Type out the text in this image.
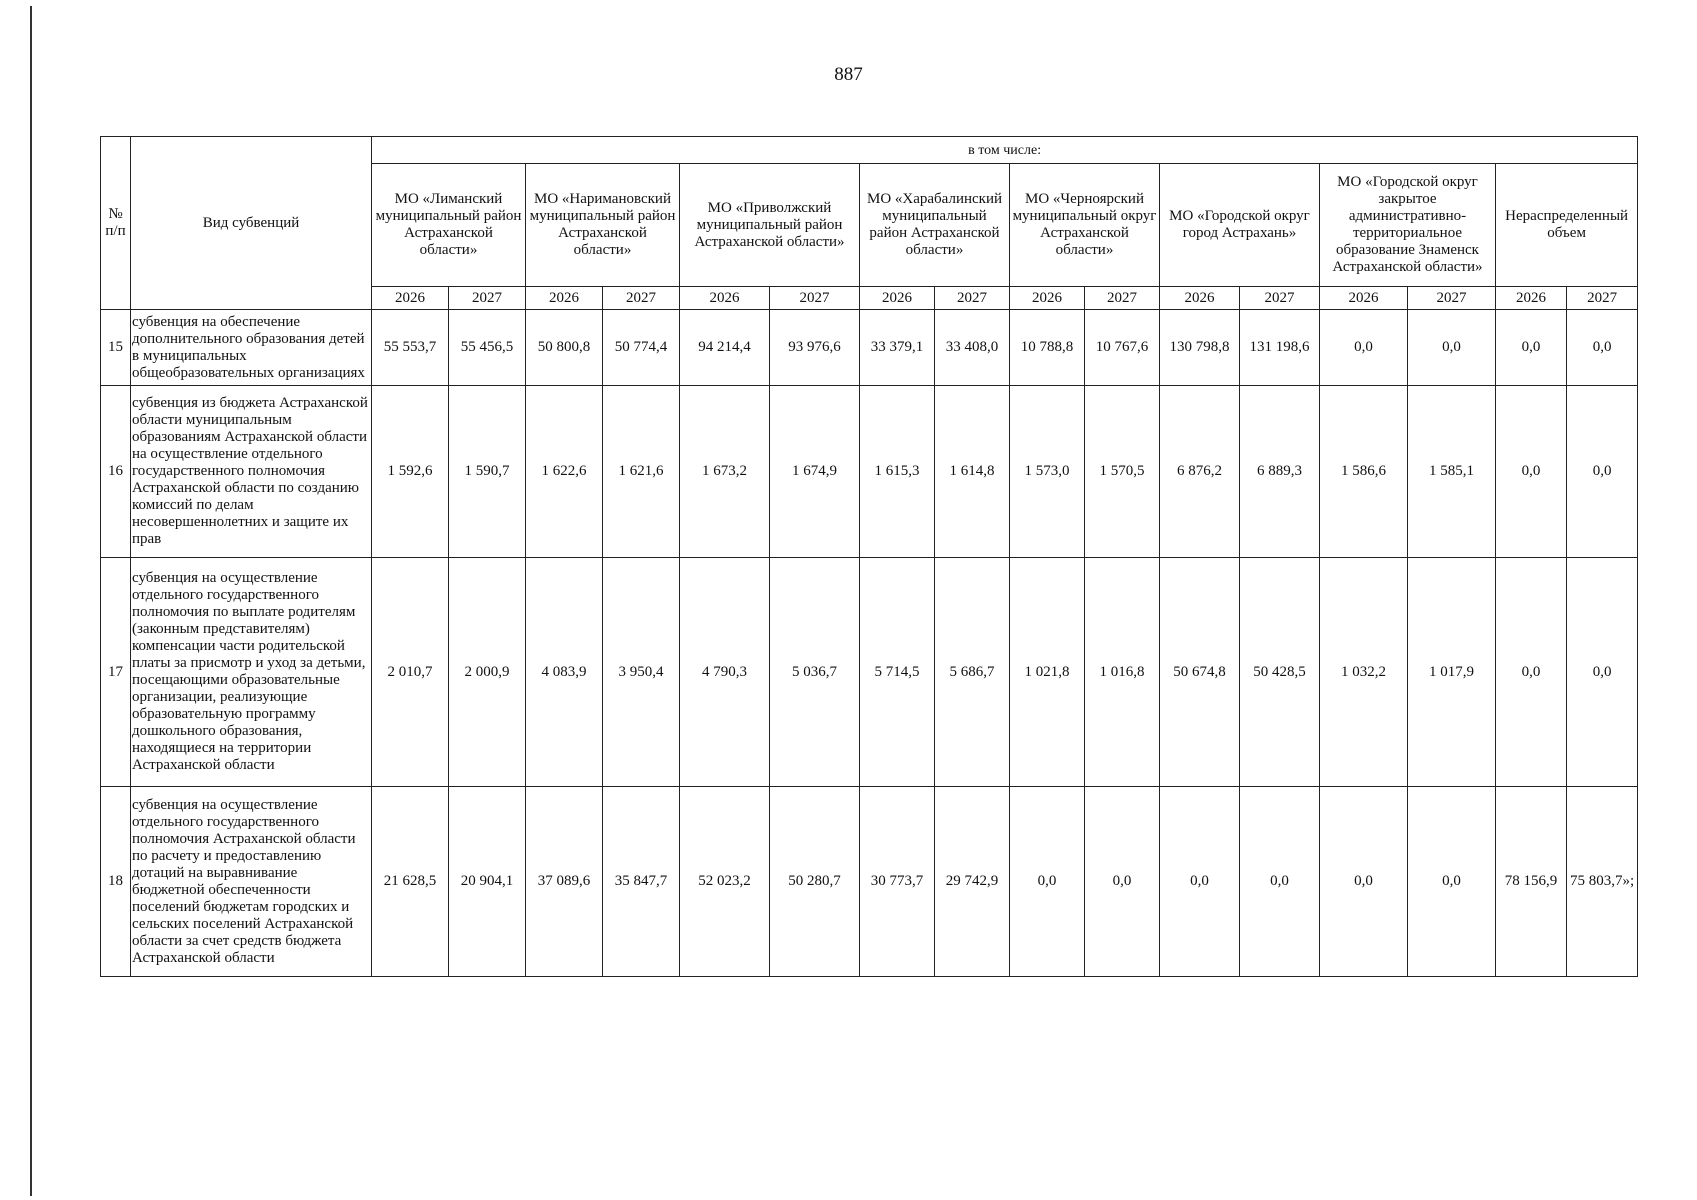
887
№ п/п	Вид субвенций	в том числе:															
		МО «Лиманский муниципальный район Астраханской области»		МО «Наримановский муниципальный район Астраханской области»		МО «Приволжский муниципальный район Астраханской области»		МО «Харабалинский муниципальный район Астраханской области»		МО «Черноярский муниципальный округ Астраханской области»		МО «Городской округ город Астрахань»		МО «Городской округ закрытое административно-территориальное образование Знаменск Астраханской области»		Нераспределенный объем	
		2026	2027	2026	2027	2026	2027	2026	2027	2026	2027	2026	2027	2026	2027	2026	2027
15	субвенция на обеспечение дополнительного образования детей в муниципальных общеобразовательных организациях	55 553,7	55 456,5	50 800,8	50 774,4	94 214,4	93 976,6	33 379,1	33 408,0	10 788,8	10 767,6	130 798,8	131 198,6	0,0	0,0	0,0	0,0
16	субвенция из бюджета Астраханской области муниципальным образованиям Астраханской области на осуществление отдельного государственного полномочия Астраханской области по созданию комиссий по делам несовершеннолетних и защите их прав	1 592,6	1 590,7	1 622,6	1 621,6	1 673,2	1 674,9	1 615,3	1 614,8	1 573,0	1 570,5	6 876,2	6 889,3	1 586,6	1 585,1	0,0	0,0
17	субвенция на осуществление отдельного государственного полномочия по выплате родителям (законным представителям) компенсации части родительской платы за присмотр и уход за детьми, посещающими образовательные организации, реализующие образовательную программу дошкольного образования, находящиеся на территории Астраханской области	2 010,7	2 000,9	4 083,9	3 950,4	4 790,3	5 036,7	5 714,5	5 686,7	1 021,8	1 016,8	50 674,8	50 428,5	1 032,2	1 017,9	0,0	0,0
18	субвенция на осуществление отдельного государственного полномочия Астраханской области по расчету и предоставлению дотаций на выравнивание бюджетной обеспеченности поселений бюджетам городских и сельских поселений Астраханской области за счет средств бюджета Астраханской области	21 628,5	20 904,1	37 089,6	35 847,7	52 023,2	50 280,7	30 773,7	29 742,9	0,0	0,0	0,0	0,0	0,0	0,0	78 156,9	75 803,7»;
